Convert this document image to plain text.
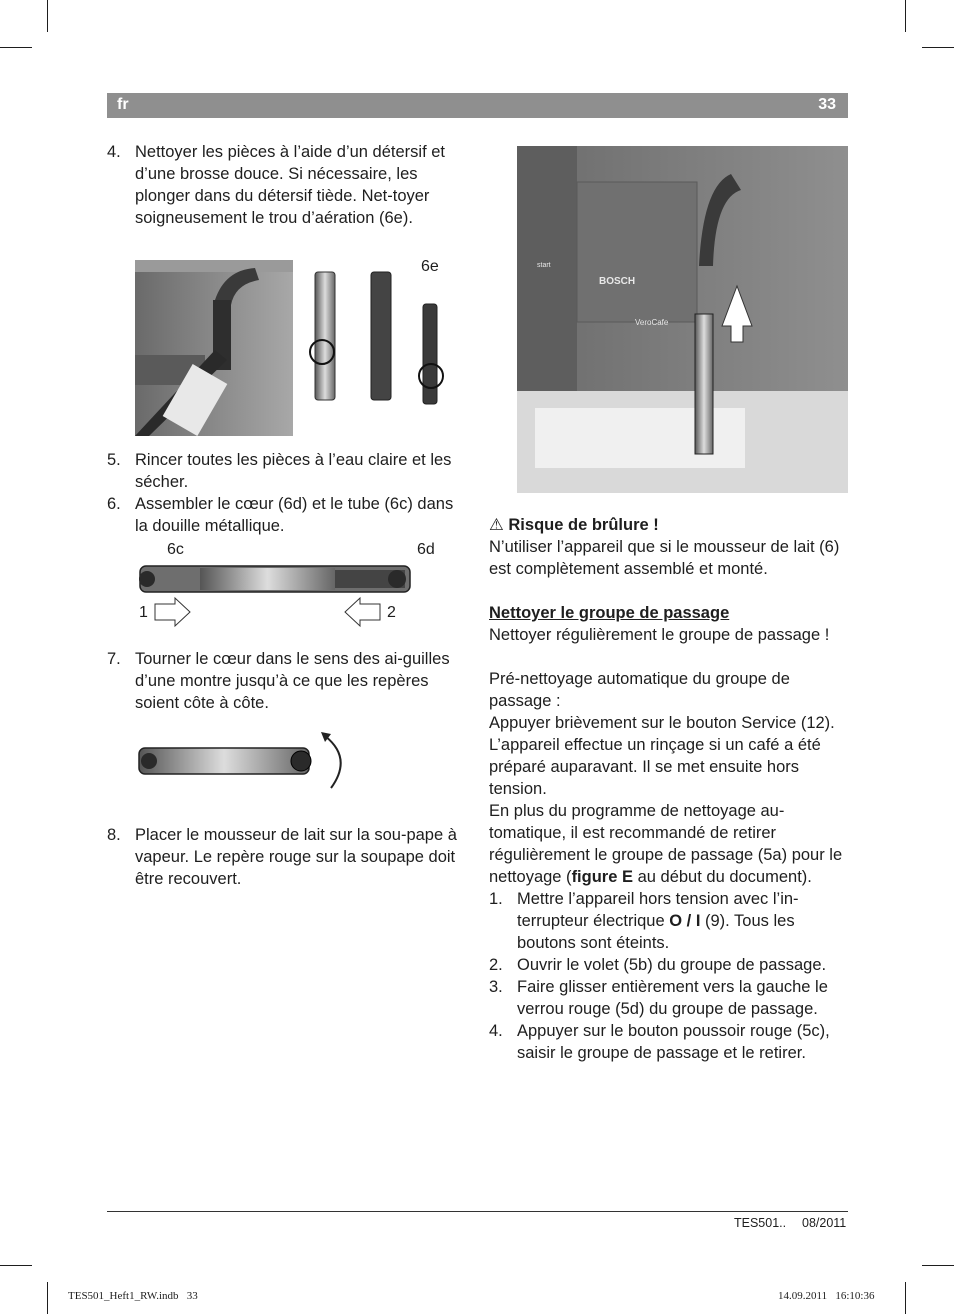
fr	33
4. Nettoyer les pièces à l’aide d’un détersif et d’une brosse douce. Si nécessaire, les plonger dans du détersif tiède. Net-toyer soigneusement le trou d’aération (6e).
6e
5. Rincer toutes les pièces à l’eau claire et les sécher.
6. Assembler le cœur (6d) et le tube (6c) dans la douille métallique.
6c	6d
1	2
7. Tourner le cœur dans le sens des ai-guilles d’une montre jusqu’à ce que les repères soient côte à côte.
8. Placer le mousseur de lait sur la sou-pape à vapeur. Le repère rouge sur la soupape doit être recouvert.
BOSCH
VeroCafe
start
⚠ Risque de brûlure !
N’utiliser l’appareil que si le mousseur de lait (6) est complètement assemblé et monté.
Nettoyer le groupe de passage
Nettoyer régulièrement le groupe de passage !
Pré-nettoyage automatique du groupe de passage :
Appuyer brièvement sur le bouton Service (12). L’appareil effectue un rinçage si un café a été préparé auparavant. Il se met ensuite hors tension.
En plus du programme de nettoyage au-tomatique, il est recommandé de retirer régulièrement le groupe de passage (5a) pour le nettoyage (figure E au début du document).
1. Mettre l’appareil hors tension avec l’in-terrupteur électrique O / I (9). Tous les boutons sont éteints.
2. Ouvrir le volet (5b) du groupe de passage.
3. Faire glisser entièrement vers la gauche le verrou rouge (5d) du groupe de passage.
4. Appuyer sur le bouton poussoir rouge (5c), saisir le groupe de passage et le retirer.
TES501.. 08/2011
TES501_Heft1_RW.indb   33	14.09.2011   16:10:36
